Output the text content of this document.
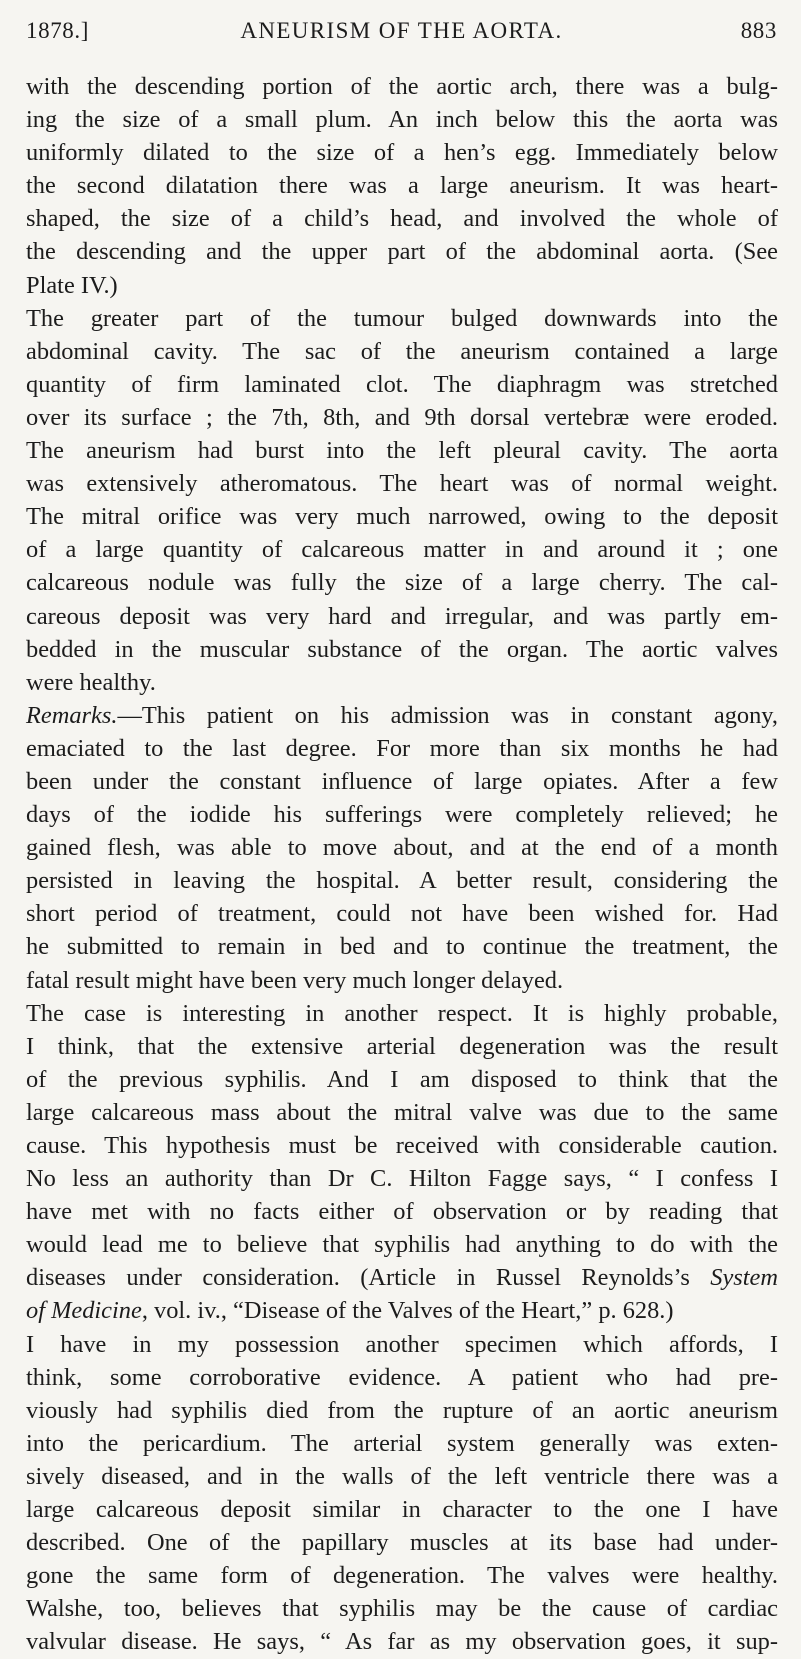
1878.]	ANEURISM OF THE AORTA.	883

with the descending portion of the aortic arch, there was a bulg-
ing the size of a small plum. An inch below this the aorta was
uniformly dilated to the size of a hen’s egg. Immediately below
the second dilatation there was a large aneurism. It was heart-
shaped, the size of a child’s head, and involved the whole of
the descending and the upper part of the abdominal aorta. (See
Plate IV.)

The greater part of the tumour bulged downwards into the
abdominal cavity. The sac of the aneurism contained a large
quantity of firm laminated clot. The diaphragm was stretched
over its surface ; the 7th, 8th, and 9th dorsal vertebræ were eroded.
The aneurism had burst into the left pleural cavity. The aorta
was extensively atheromatous. The heart was of normal weight.
The mitral orifice was very much narrowed, owing to the deposit
of a large quantity of calcareous matter in and around it ; one
calcareous nodule was fully the size of a large cherry. The cal-
careous deposit was very hard and irregular, and was partly em-
bedded in the muscular substance of the organ. The aortic valves
were healthy.

Remarks.—This patient on his admission was in constant agony,
emaciated to the last degree. For more than six months he had
been under the constant influence of large opiates. After a few
days of the iodide his sufferings were completely relieved; he
gained flesh, was able to move about, and at the end of a month
persisted in leaving the hospital. A better result, considering the
short period of treatment, could not have been wished for. Had
he submitted to remain in bed and to continue the treatment, the
fatal result might have been very much longer delayed.

The case is interesting in another respect. It is highly probable,
I think, that the extensive arterial degeneration was the result
of the previous syphilis. And I am disposed to think that the
large calcareous mass about the mitral valve was due to the same
cause. This hypothesis must be received with considerable caution.
No less an authority than Dr C. Hilton Fagge says, “ I confess I
have met with no facts either of observation or by reading that
would lead me to believe that syphilis had anything to do with the
diseases under consideration. (Article in Russel Reynolds’s System
of Medicine, vol. iv., “Disease of the Valves of the Heart,” p. 628.)

I have in my possession another specimen which affords, I
think, some corroborative evidence. A patient who had pre-
viously had syphilis died from the rupture of an aortic aneurism
into the pericardium. The arterial system generally was exten-
sively diseased, and in the walls of the left ventricle there was a
large calcareous deposit similar in character to the one I have
described. One of the papillary muscles at its base had under-
gone the same form of degeneration. The valves were healthy.
Walshe, too, believes that syphilis may be the cause of cardiac
valvular disease. He says, “ As far as my observation goes, it sup-
